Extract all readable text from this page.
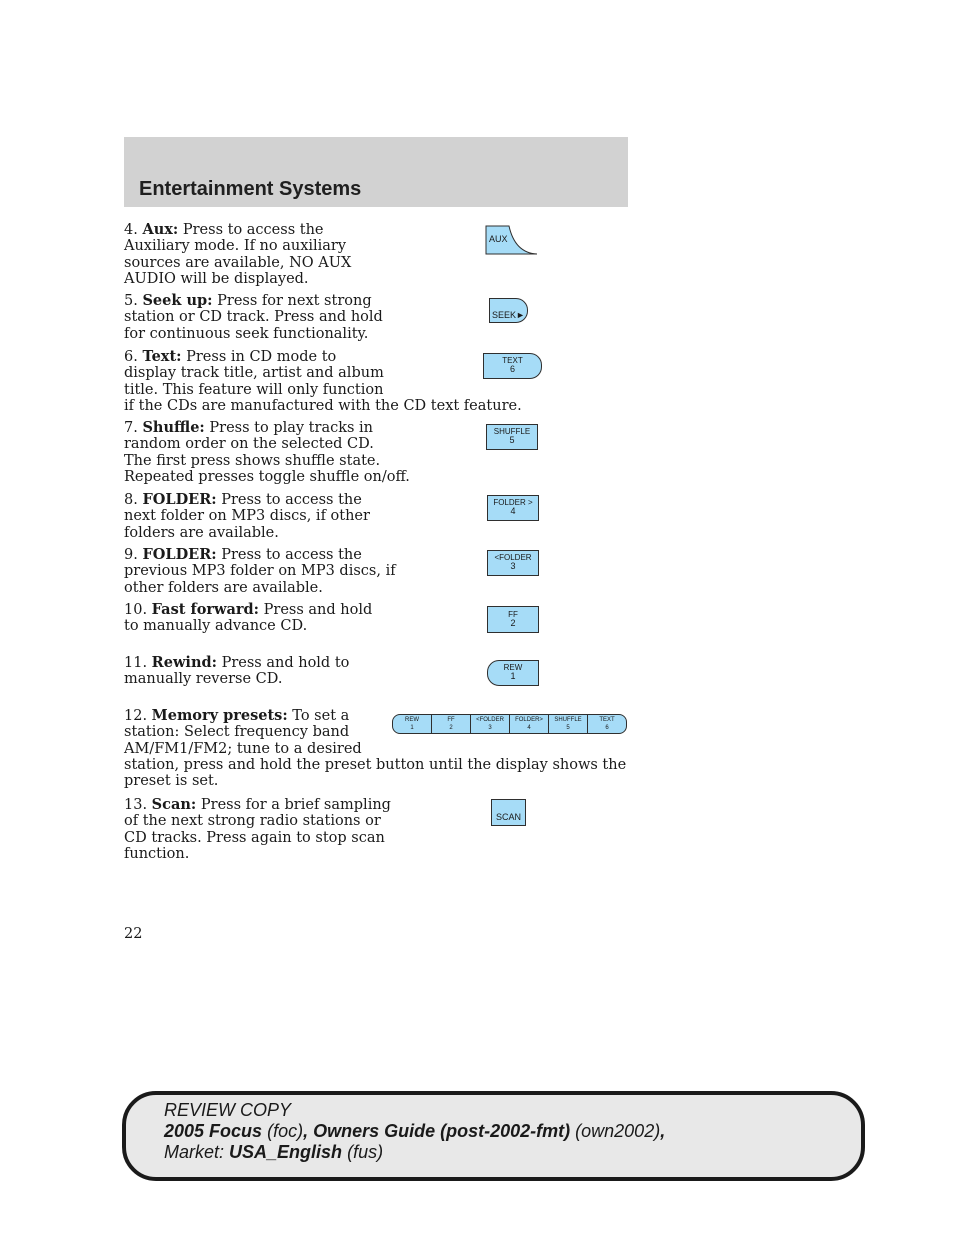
Entertainment Systems
4. Aux: Press to access the
Auxiliary mode. If no auxiliary
sources are available, NO AUX
AUDIO will be displayed.
AUX
5. Seek up: Press for next strong
station or CD track. Press and hold
for continuous seek functionality.
SEEK►
6. Text: Press in CD mode to
display track title, artist and album
title. This feature will only function
if the CDs are manufactured with the CD text feature.
TEXT
6
7. Shuffle: Press to play tracks in
random order on the selected CD.
The first press shows shuffle state.
Repeated presses toggle shuffle on/off.
SHUFFLE
5
8. FOLDER: Press to access the
next folder on MP3 discs, if other
folders are available.
FOLDER >
4
9. FOLDER: Press to access the
previous MP3 folder on MP3 discs, if
other folders are available.
<FOLDER
3
10. Fast forward: Press and hold
to manually advance CD.
FF
2
11. Rewind: Press and hold to
manually reverse CD.
REW
1
12. Memory presets: To set a
station: Select frequency band
AM/FM1/FM2; tune to a desired
station, press and hold the preset button until the display shows the
preset is set.
REW
1
FF
2
<FOLDER
3
FOLDER>
4
SHUFFLE
5
TEXT
6
13. Scan: Press for a brief sampling
of the next strong radio stations or
CD tracks. Press again to stop scan
function.
SCAN
22
REVIEW COPY
2005 Focus (foc), Owners Guide (post-2002-fmt) (own2002),
Market: USA_English (fus)
